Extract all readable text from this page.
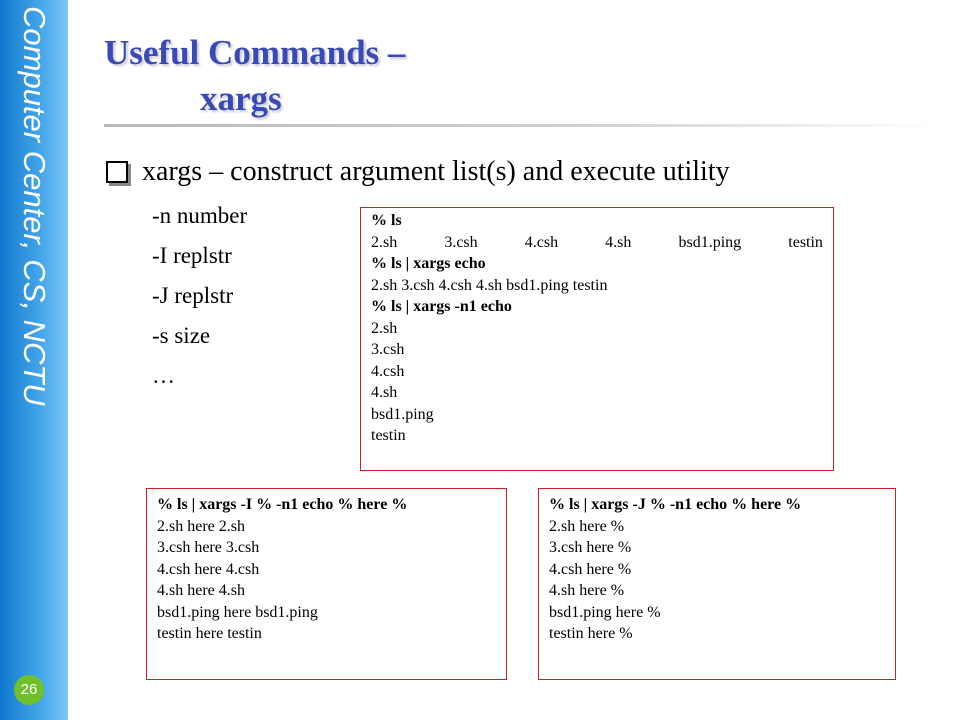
Computer Center, CS, NCTU
26
Useful Commands –
xargs
xargs – construct argument list(s) and execute utility
-n number
-I replstr
-J replstr
-s size
…
% ls
2.sh	3.csh	4.csh	4.sh	bsd1.ping	testin
% ls | xargs echo
2.sh 3.csh 4.csh 4.sh bsd1.ping testin
% ls | xargs -n1 echo
2.sh
3.csh
4.csh
4.sh
bsd1.ping
testin
% ls | xargs -I % -n1 echo % here %
2.sh here 2.sh
3.csh here 3.csh
4.csh here 4.csh
4.sh here 4.sh
bsd1.ping here bsd1.ping
testin here testin
% ls | xargs -J % -n1 echo % here %
2.sh here %
3.csh here %
4.csh here %
4.sh here %
bsd1.ping here %
testin here %
